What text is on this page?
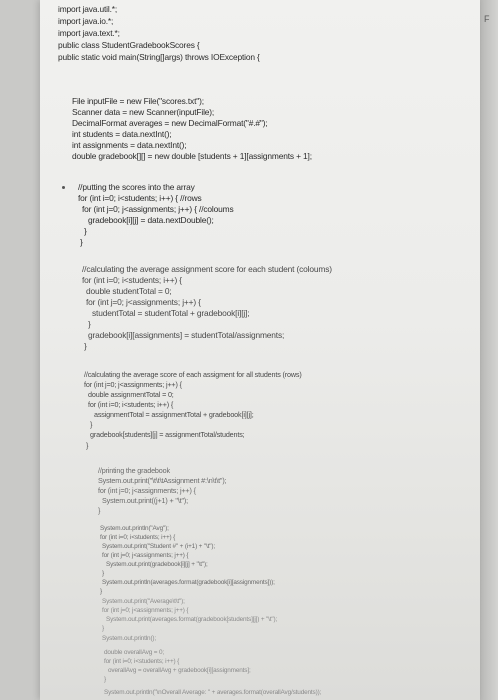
F
import java.util.*;
import java.io.*;
import java.text.*;
public class StudentGradebookScores {
public static void main(String[]args) throws IOException {
File inputFile = new File("scores.txt");
Scanner data = new Scanner(inputFile);
DecimalFormat averages = new DecimalFormat("#.#");
int students = data.nextInt();
int assignments = data.nextInt();
double gradebook[][] = new double [students + 1][assignments + 1];
//putting the scores into the array
for (int i=0; i<students; i++) { //rows
for (int j=0; j<assignments; j++) { //coloums
gradebook[i][j] = data.nextDouble();
}
}
//calculating the average assignment score for each student (coloums)
for (int i=0; i<students; i++) {
double studentTotal = 0;
for (int j=0; j<assignments; j++) {
studentTotal = studentTotal + gradebook[i][j];
}
gradebook[i][assignments] = studentTotal/assignments;
}
//calculating the average score of each assigment for all students (rows)
for (int j=0; j<assignments; j++) {
double assignmentTotal = 0;
for (int i=0; i<students; i++) {
assignmentTotal = assignmentTotal + gradebook[i][j];
}
gradebook[students][j] = assignmentTotal/students;
}
//printing the gradebook
System.out.print("\t\t\tAssignment #:\n\t\t");
for (int j=0; j<assignments; j++) {
System.out.print((j+1) + "\t");
}
System.out.println("Avg");
for (int i=0; i<students; i++) {
System.out.print("Student #" + (i+1) + "\t");
for (int j=0; j<assignments; j++) {
System.out.print(gradebook[i][j] + "\t");
}
System.out.println(averages.format(gradebook[i][assignments]));
}
System.out.print("Average\t\t");
for (int j=0; j<assignments; j++) {
System.out.print(averages.format(gradebook[students][j]) + "\t");
}
System.out.println();
double overallAvg = 0;
for (int i=0; i<students; i++) {
overallAvg = overallAvg + gradebook[i][assignments];
}
System.out.println("\nOverall Average: " + averages.format(overallAvg/students));
